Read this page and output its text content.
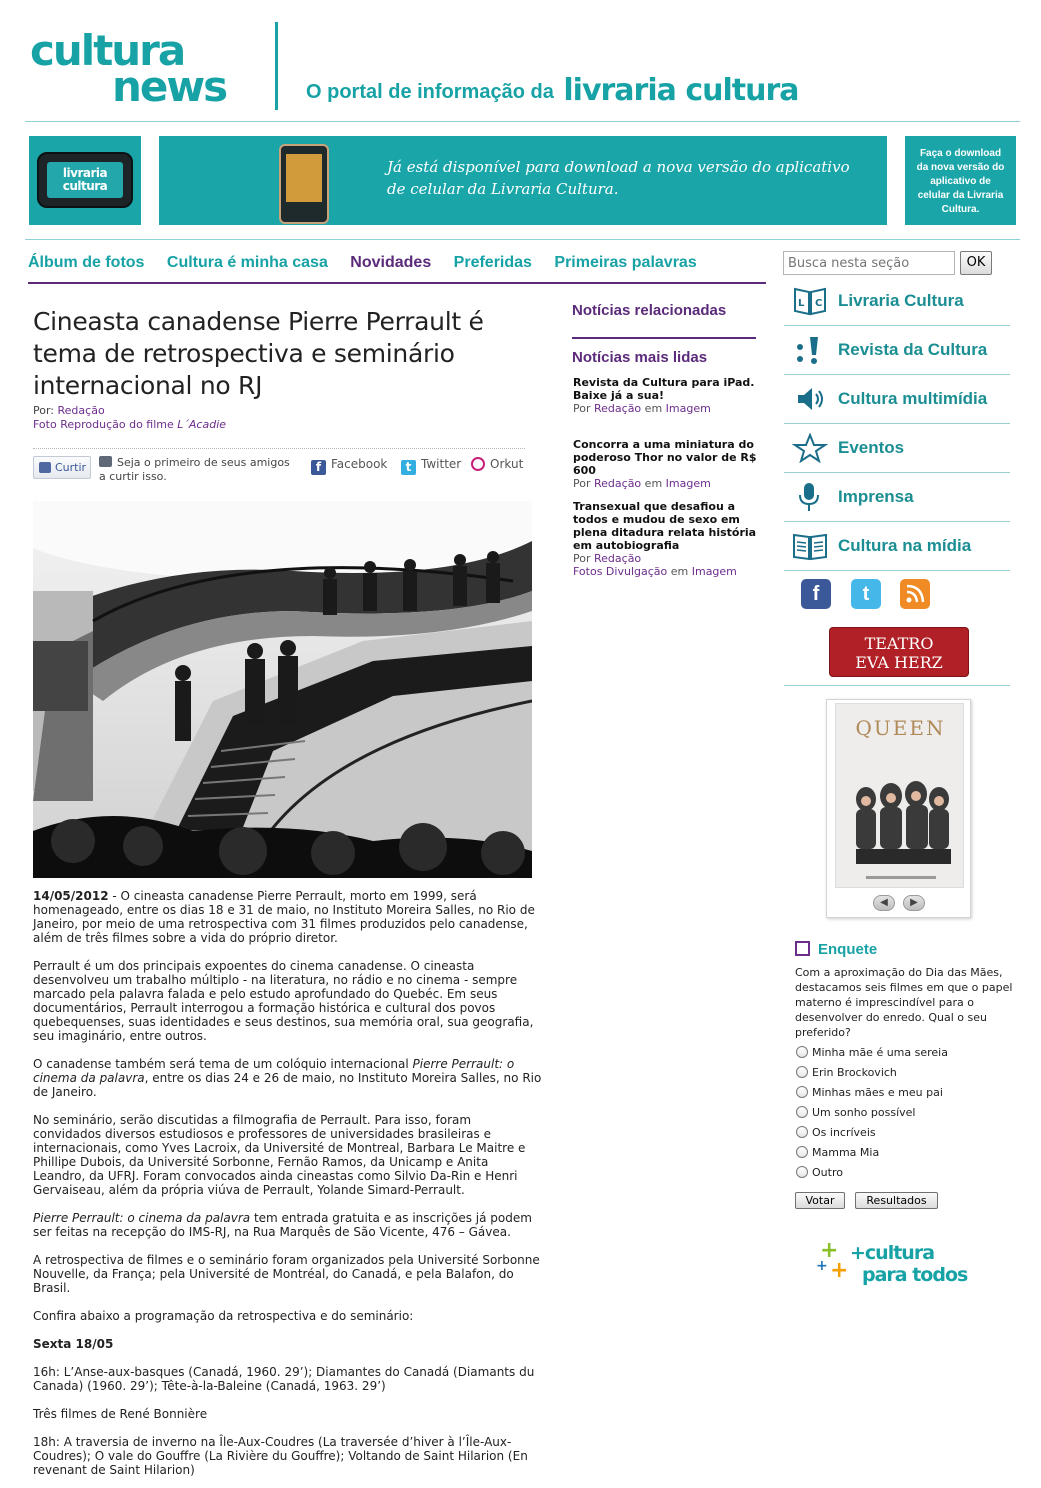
cultura
news	O portal de informação da livraria cultura
livraria cultura
Já está disponível para download a nova versão do aplicativo de celular da Livraria Cultura.
Faça o download da nova versão do aplicativo de celular da Livraria Cultura.
Álbum de fotos Cultura é minha casa Novidades Preferidas Primeiras palavras
Busca nesta seção	OK
Cineasta canadense Pierre Perrault é tema de retrospectiva e seminário internacional no RJ
Por: Redação
Foto Reprodução do filme L´Acadie
Curtir	Seja o primeiro de seus amigos a curtir isso.
f Facebook	t Twitter	Orkut

14/05/2012 - O cineasta canadense Pierre Perrault, morto em 1999, será homenageado, entre os dias 18 e 31 de maio, no Instituto Moreira Salles, no Rio de Janeiro, por meio de uma retrospectiva com 31 filmes produzidos pelo canadense, além de três filmes sobre a vida do próprio diretor.

Perrault é um dos principais expoentes do cinema canadense. O cineasta desenvolveu um trabalho múltiplo - na literatura, no rádio e no cinema - sempre marcado pela palavra falada e pelo estudo aprofundado do Quebéc. Em seus documentários, Perrault interrogou a formação histórica e cultural dos povos quebequenses, suas identidades e seus destinos, sua memória oral, sua geografia, seu imaginário, entre outros.

O canadense também será tema de um colóquio internacional Pierre Perrault: o cinema da palavra, entre os dias 24 e 26 de maio, no Instituto Moreira Salles, no Rio de Janeiro.

No seminário, serão discutidas a filmografia de Perrault. Para isso, foram convidados diversos estudiosos e professores de universidades brasileiras e internacionais, como Yves Lacroix, da Université de Montreal, Barbara Le Maitre e Phillipe Dubois, da Université Sorbonne, Fernão Ramos, da Unicamp e Anita Leandro, da UFRJ. Foram convocados ainda cineastas como Silvio Da-Rin e Henri Gervaiseau, além da própria viúva de Perrault, Yolande Simard-Perrault.

Pierre Perrault: o cinema da palavra tem entrada gratuita e as inscrições já podem ser feitas na recepção do IMS-RJ, na Rua Marquês de São Vicente, 476 – Gávea.

A retrospectiva de filmes e o seminário foram organizados pela Université Sorbonne Nouvelle, da França; pela Université de Montréal, do Canadá, e pela Balafon, do Brasil.

Confira abaixo a programação da retrospectiva e do seminário:

Sexta 18/05

16h: L’Anse-aux-basques (Canadá, 1960. 29’); Diamantes do Canadá (Diamants du Canada) (1960. 29’); Tête-à-la-Baleine (Canadá, 1963. 29’)

Três filmes de René Bonnière

18h: A traversia de inverno na Île-Aux-Coudres (La traversée d’hiver à l’Île-Aux-Coudres); O vale do Gouffre (La Rivière du Gouffre); Voltando de Saint Hilarion (En revenant de Saint Hilarion)

Notícias relacionadas
Notícias mais lidas
Revista da Cultura para iPad. Baixe já a sua!
Por Redação em Imagem
Concorra a uma miniatura do poderoso Thor no valor de R$ 600
Por Redação em Imagem
Transexual que desafiou a todos e mudou de sexo em plena ditadura relata história em autobiografia
Por Redação
Fotos Divulgação em Imagem
L C Livraria Cultura
Revista da Cultura
Cultura multimídia
Eventos
Imprensa
Cultura na mídia
f	t
TEATRO
EVA HERZ
QUEEN
◀	▶
Enquete
Com a aproximação do Dia das Mães, destacamos seis filmes em que o papel materno é imprescindível para o desenvolver do enredo. Qual o seu preferido?
Minha mãe é uma sereia
Erin Brockovich
Minhas mães e meu pai
Um sonho possível
Os incríveis
Mamma Mia
Outro
Votar	Resultados
+
+ +
+cultura
para todos
